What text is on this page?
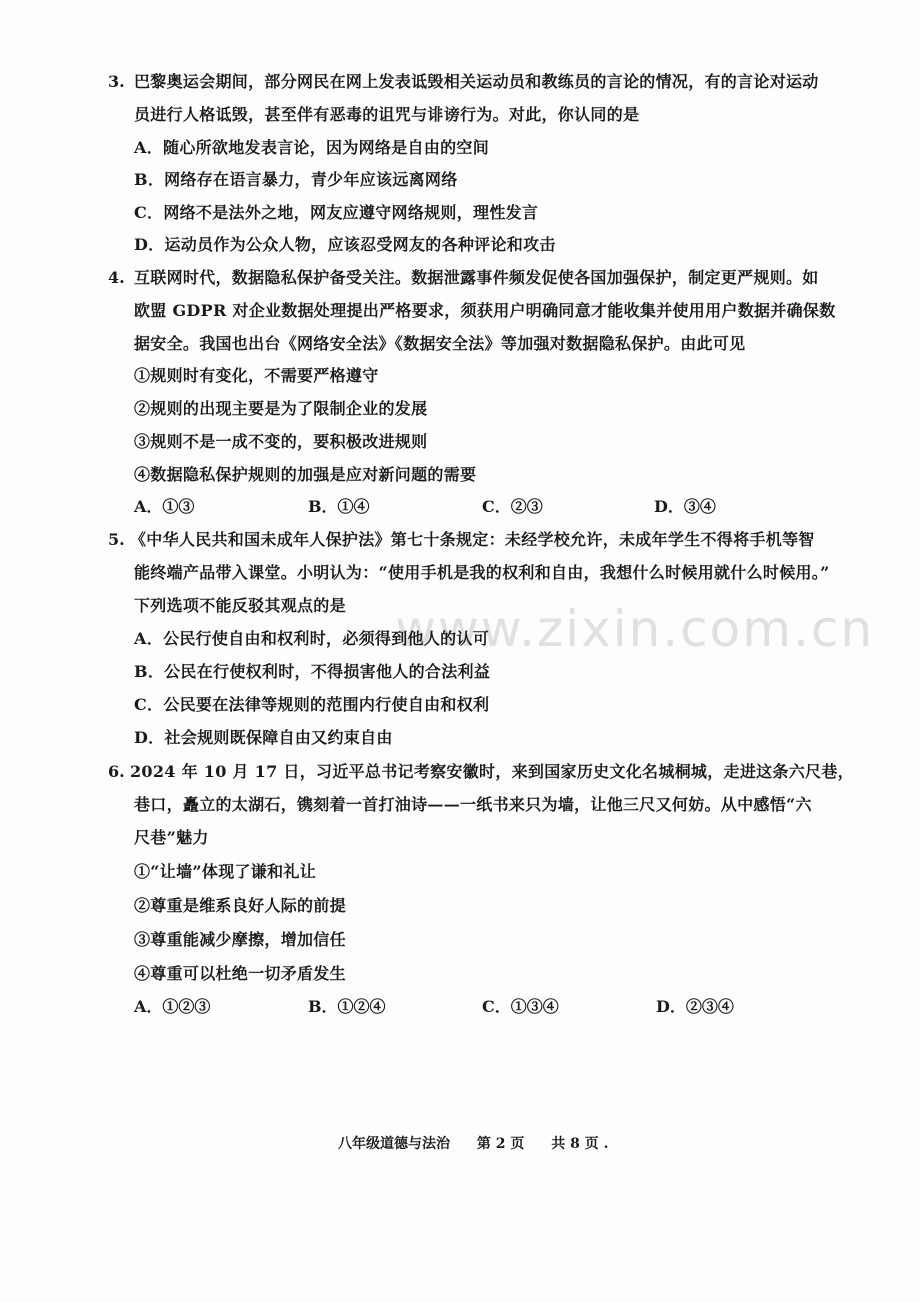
www.zixin.com.cn
3. 巴黎奥运会期间，部分网民在网上发表诋毁相关运动员和教练员的言论的情况，有的言论对运动
员进行人格诋毁，甚至伴有恶毒的诅咒与诽谤行为。对此，你认同的是
A．随心所欲地发表言论，因为网络是自由的空间
B．网络存在语言暴力，青少年应该远离网络
C．网络不是法外之地，网友应遵守网络规则，理性发言
D．运动员作为公众人物，应该忍受网友的各种评论和攻击
4. 互联网时代，数据隐私保护备受关注。数据泄露事件频发促使各国加强保护，制定更严规则。如
欧盟 GDPR 对企业数据处理提出严格要求，须获用户明确同意才能收集并使用用户数据并确保数
据安全。我国也出台《网络安全法》《数据安全法》等加强对数据隐私保护。由此可见
①规则时有变化，不需要严格遵守
②规则的出现主要是为了限制企业的发展
③规则不是一成不变的，要积极改进规则
④数据隐私保护规则的加强是应对新问题的需要
A．①③	B．①④	C．②③	D．③④
5. 《中华人民共和国未成年人保护法》第七十条规定：未经学校允许，未成年学生不得将手机等智
能终端产品带入课堂。小明认为：“使用手机是我的权利和自由，我想什么时候用就什么时候用。”
下列选项不能反驳其观点的是
A．公民行使自由和权利时，必须得到他人的认可
B．公民在行使权利时，不得损害他人的合法利益
C．公民要在法律等规则的范围内行使自由和权利
D．社会规则既保障自由又约束自由
6. 2024 年 10 月 17 日，习近平总书记考察安徽时，来到国家历史文化名城桐城，走进这条六尺巷，
巷口，矗立的太湖石，镌刻着一首打油诗——一纸书来只为墙，让他三尺又何妨。从中感悟“六
尺巷”魅力
①“让墙”体现了谦和礼让
②尊重是维系良好人际的前提
③尊重能减少摩擦，增加信任
④尊重可以杜绝一切矛盾发生
A．①②③	B．①②④	C．①③④	D．②③④
八年级道德与法治 第 2 页 共 8 页 .
